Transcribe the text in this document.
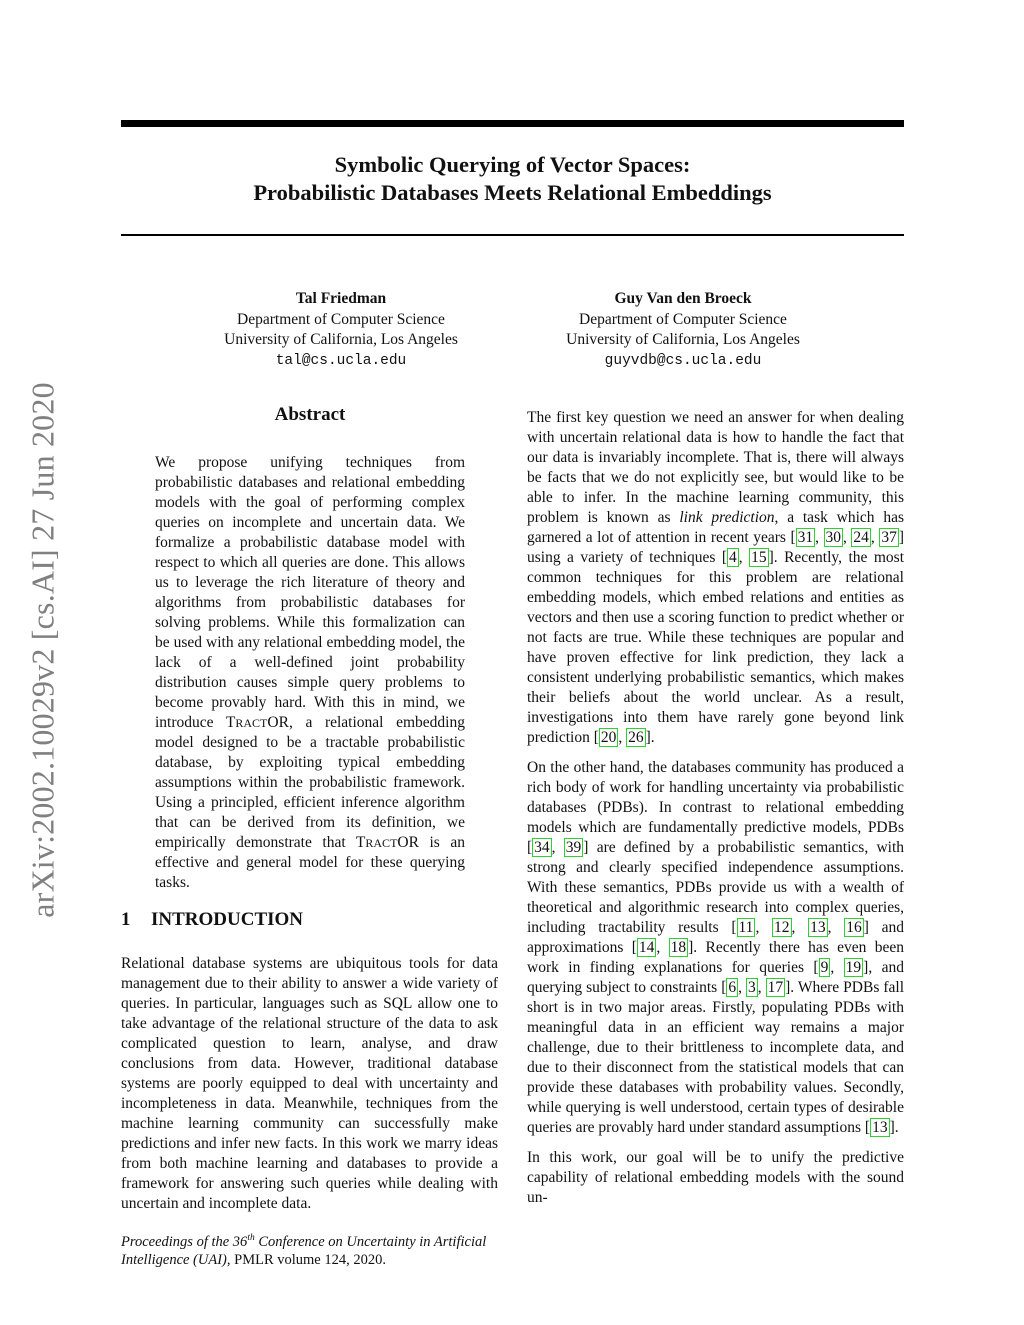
Symbolic Querying of Vector Spaces:
Probabilistic Databases Meets Relational Embeddings
arXiv:2002.10029v2 [cs.AI] 27 Jun 2020
Tal Friedman
Department of Computer Science
University of California, Los Angeles
tal@cs.ucla.edu
Guy Van den Broeck
Department of Computer Science
University of California, Los Angeles
guyvdb@cs.ucla.edu
Abstract

We propose unifying techniques from probabilistic databases and relational embedding models with the goal of performing complex queries on incomplete and uncertain data. We formalize a probabilistic database model with respect to which all queries are done. This allows us to leverage the rich literature of theory and algorithms from probabilistic databases for solving problems. While this formalization can be used with any relational embedding model, the lack of a well-defined joint probability distribution causes simple query problems to become provably hard. With this in mind, we introduce TRACTOR, a relational embedding model designed to be a tractable probabilistic database, by exploiting typical embedding assumptions within the probabilistic framework. Using a principled, efficient inference algorithm that can be derived from its definition, we empirically demonstrate that TRACTOR is an effective and general model for these querying tasks.

1 INTRODUCTION

Relational database systems are ubiquitous tools for data management due to their ability to answer a wide variety of queries. In particular, languages such as SQL allow one to take advantage of the relational structure of the data to ask complicated question to learn, analyse, and draw conclusions from data. However, traditional database systems are poorly equipped to deal with uncertainty and incompleteness in data. Meanwhile, techniques from the machine learning community can successfully make predictions and infer new facts. In this work we marry ideas from both machine learning and databases to provide a framework for answering such queries while dealing with uncertain and incomplete data.

Proceedings of the 36th Conference on Uncertainty in Artificial Intelligence (UAI), PMLR volume 124, 2020.

The first key question we need an answer for when dealing with uncertain relational data is how to handle the fact that our data is invariably incomplete. That is, there will always be facts that we do not explicitly see, but would like to be able to infer. In the machine learning community, this problem is known as link prediction, a task which has garnered a lot of attention in recent years [ 31 , 30 , 24 , 37 ] using a variety of techniques [ 4 , 15 ]. Recently, the most common techniques for this problem are relational embedding models, which embed relations and entities as vectors and then use a scoring function to predict whether or not facts are true. While these techniques are popular and have proven effective for link prediction, they lack a consistent underlying probabilistic semantics, which makes their beliefs about the world unclear. As a result, investigations into them have rarely gone beyond link prediction [ 20 , 26 ].

On the other hand, the databases community has produced a rich body of work for handling uncertainty via probabilistic databases (PDBs). In contrast to relational embedding models which are fundamentally predictive models, PDBs [ 34 , 39 ] are defined by a probabilistic semantics, with strong and clearly specified independence assumptions. With these semantics, PDBs provide us with a wealth of theoretical and algorithmic research into complex queries, including tractability results [ 11 , 12 , 13 , 16 ] and approximations [ 14 , 18 ]. Recently there has even been work in finding explanations for queries [ 9 , 19 ], and querying subject to constraints [ 6 , 3 , 17 ]. Where PDBs fall short is in two major areas. Firstly, populating PDBs with meaningful data in an efficient way remains a major challenge, due to their brittleness to incomplete data, and due to their disconnect from the statistical models that can provide these databases with probability values. Secondly, while querying is well understood, certain types of desirable queries are provably hard under standard assumptions [ 13 ].

In this work, our goal will be to unify the predictive capability of relational embedding models with the sound un-
